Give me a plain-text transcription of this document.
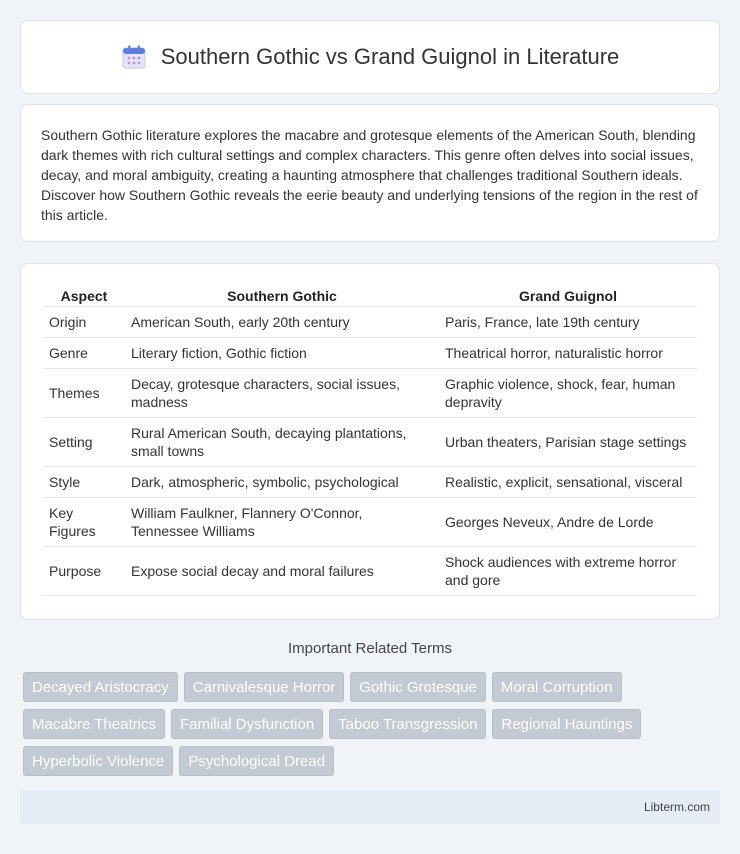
Southern Gothic vs Grand Guignol in Literature

Southern Gothic literature explores the macabre and grotesque elements of the American South, blending dark themes with rich cultural settings and complex characters. This genre often delves into social issues, decay, and moral ambiguity, creating a haunting atmosphere that challenges traditional Southern ideals. Discover how Southern Gothic reveals the eerie beauty and underlying tensions of the region in the rest of this article.

Aspect	Southern Gothic	Grand Guignol
Origin	American South, early 20th century	Paris, France, late 19th century
Genre	Literary fiction, Gothic fiction	Theatrical horror, naturalistic horror
Themes	Decay, grotesque characters, social issues, madness	Graphic violence, shock, fear, human depravity
Setting	Rural American South, decaying plantations, small towns	Urban theaters, Parisian stage settings
Style	Dark, atmospheric, symbolic, psychological	Realistic, explicit, sensational, visceral
Key Figures	William Faulkner, Flannery O'Connor, Tennessee Williams	Georges Neveux, Andre de Lorde
Purpose	Expose social decay and moral failures	Shock audiences with extreme horror and gore
Important Related Terms
Decayed Aristocracy	Carnivalesque Horror	Gothic Grotesque	Moral Corruption
Macabre Theatrics	Familial Dysfunction	Taboo Transgression	Regional Hauntings
Hyperbolic Violence	Psychological Dread
Libterm.com
